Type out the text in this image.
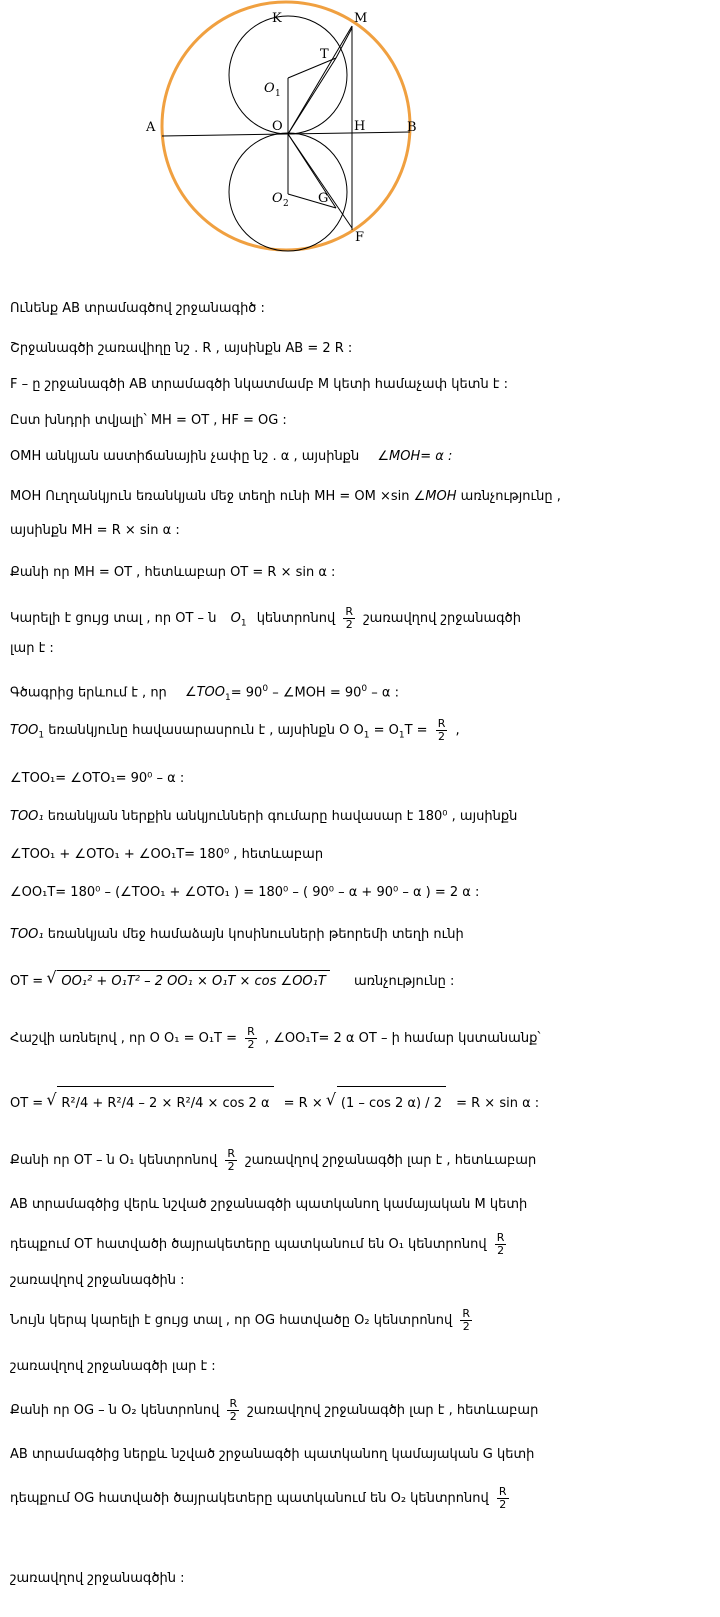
K	M
T
O 1
A	O	H	B
O 2 G
F
Ունենք AB տրամագծով շրջանագիծ :
Շրջանագծի շառավիղը նշ . R , այսինքն AB = 2 R :
F – ը շրջանագծի AB տրամագծի նկատմամբ M կետի համաչափ կետն է :
Ըստ խնդրի տվյալի՝ MH = OT , HF = OG :
OMH անկյան աստիճանային չափը նշ . α , այսինքն ∠MOH= α :
MOH Ուղղանկյուն եռանկյան մեջ տեղի ունի MH = OM ×sin ∠MOH առնչությունը ,
այսինքն MH = R × sin α :
Քանի որ MH = OT , հետևաբար OT = R × sin α :
Կարելի է ցույց տալ , որ OT – ն $O_1$ կենտրոնով $\frac{R}{2}$ շառավղով շրջանագծի
լար է :
Գծագրից երևում է , որ $\angle TOO_1= 90^0$ – ∠MOH = $90^0$ – α :
$TOO_1$ եռանկյունը հավասարասրուն է , այսինքն O $O_1 = O_1T = \frac{R}{2}$ ,
∠TOO₁= ∠OTO₁= 90⁰ – α :
TOO₁ եռանկյան ներքին անկյունների գումարը հավասար է 180⁰ , այսինքն
∠TOO₁ + ∠OTO₁ + ∠OO₁T= 180⁰ , հետևաբար
∠OO₁T= 180⁰ – (∠TOO₁ + ∠OTO₁ ) = 180⁰ – ( 90⁰ – α + 90⁰ – α ) = 2 α :
TOO₁ եռանկյան մեջ համաձայն կոսինուսների թեորեմի տեղի ունի
OT = √ OO₁² + O₁T² – 2 OO₁ × O₁T × cos ∠OO₁T առնչությունը :
Հաշվի առնելով , որ O $O_1 = O_1T = \frac{R}{2}$ , ∠OO₁T= 2 α OT – ի համար կստանանք՝
OT = √ R²/4 + R²/4 – 2 × R²/4 × cos 2 α = R × √ (1 – cos 2 α) / 2 = R × sin α :
Քանի որ OT – ն O₁ կենտրոնով $\frac{R}{2}$ շառավղով շրջանագծի լար է , հետևաբար
AB տրամագծից վերև նշված շրջանագծի պատկանող կամայական M կետի
դեպքում OT հատվածի ծայրակետերը պատկանում են O₁ կենտրոնով $\frac{R}{2}$
շառավղով շրջանագծին :
Նույն կերպ կարելի է ցույց տալ , որ OG հատվածը O₂ կենտրոնով $\frac{R}{2}$
շառավղով շրջանագծի լար է :
Քանի որ OG – ն O₂ կենտրոնով $\frac{R}{2}$ շառավղով շրջանագծի լար է , հետևաբար
AB տրամագծից ներքև նշված շրջանագծի պատկանող կամայական G կետի
դեպքում OG հատվածի ծայրակետերը պատկանում են O₂ կենտրոնով $\frac{R}{2}$
շառավղով շրջանագծին :
